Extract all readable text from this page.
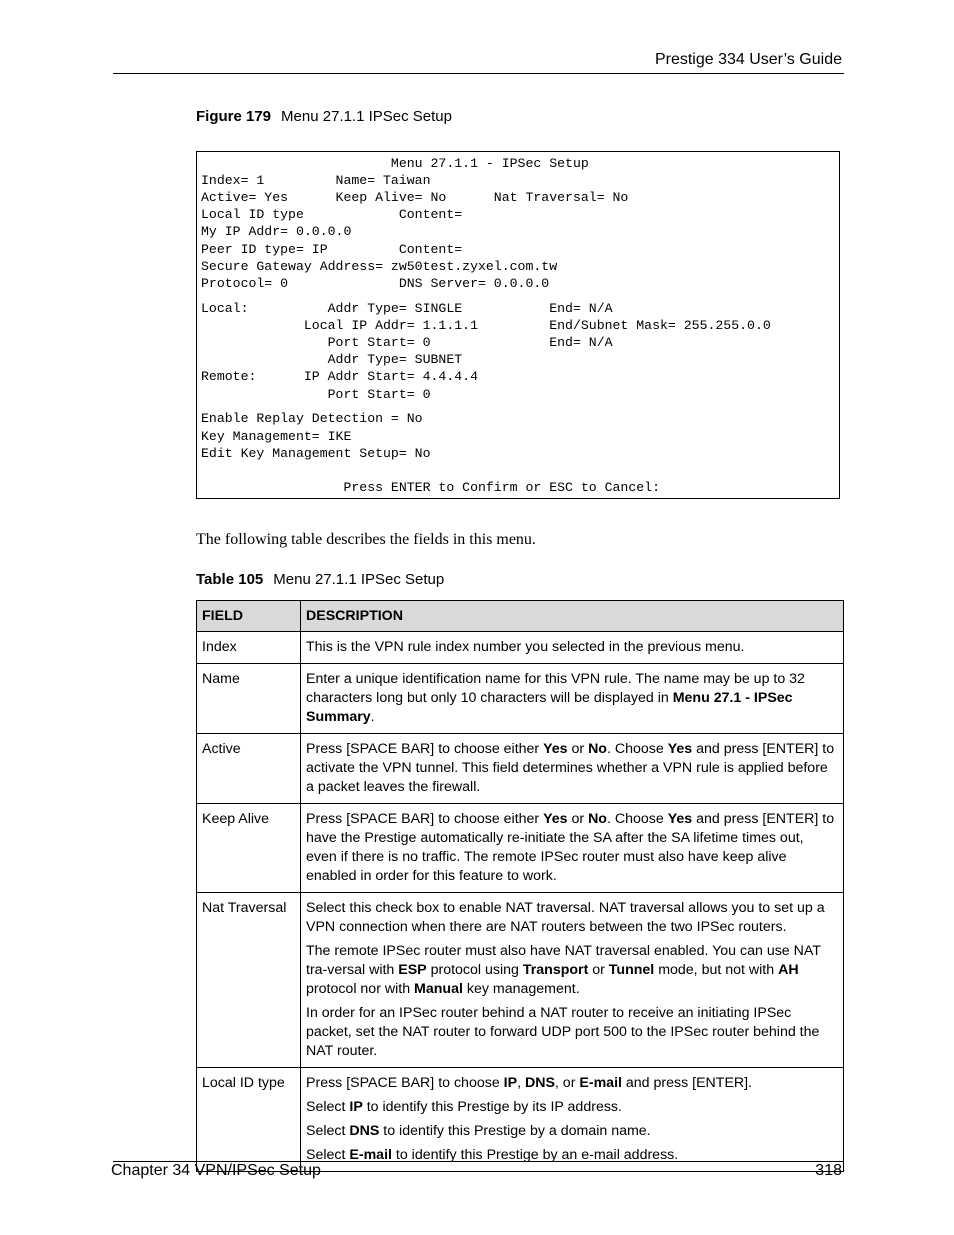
Prestige 334 User’s Guide
Figure 179 Menu 27.1.1 IPSec Setup
Menu 27.1.1 - IPSec Setup
Index= 1         Name= Taiwan
Active= Yes      Keep Alive= No      Nat Traversal= No
Local ID type            Content=
My IP Addr= 0.0.0.0
Peer ID type= IP         Content=
Secure Gateway Address= zw50test.zyxel.com.tw
Protocol= 0              DNS Server= 0.0.0.0
Local:          Addr Type= SINGLE           End= N/A
Local IP Addr= 1.1.1.1         End/Subnet Mask= 255.255.0.0
Port Start= 0               End= N/A
Addr Type= SUBNET
Remote:      IP Addr Start= 4.4.4.4
Port Start= 0
Enable Replay Detection = No
Key Management= IKE
Edit Key Management Setup= No
Press ENTER to Confirm or ESC to Cancel:
The following table describes the fields in this menu.
Table 105 Menu 27.1.1 IPSec Setup
FIELD	DESCRIPTION
Index	This is the VPN rule index number you selected in the previous menu.

Name	Enter a unique identification name for this VPN rule. The name may be up to 32 characters long but only 10 characters will be displayed in Menu 27.1 - IPSec Summary.

Active	Press [SPACE BAR] to choose either Yes or No. Choose Yes and press [ENTER] to activate the VPN tunnel. This field determines whether a VPN rule is applied before a packet leaves the firewall.

Keep Alive	Press [SPACE BAR] to choose either Yes or No. Choose Yes and press [ENTER] to have the Prestige automatically re-initiate the SA after the SA lifetime times out, even if there is no traffic. The remote IPSec router must also have keep alive enabled in order for this feature to work.

Nat Traversal	Select this check box to enable NAT traversal. NAT traversal allows you to set up a VPN connection when there are NAT routers between the two IPSec routers.

The remote IPSec router must also have NAT traversal enabled. You can use NAT tra-versal with ESP protocol using Transport or Tunnel mode, but not with AH protocol nor with Manual key management.

In order for an IPSec router behind a NAT router to receive an initiating IPSec packet, set the NAT router to forward UDP port 500 to the IPSec router behind the NAT router.

Local ID type	Press [SPACE BAR] to choose IP, DNS, or E-mail and press [ENTER].

Select IP to identify this Prestige by its IP address.

Select DNS to identify this Prestige by a domain name.

Select E-mail to identify this Prestige by an e-mail address.

Chapter 34 VPN/IPSec Setup	318
